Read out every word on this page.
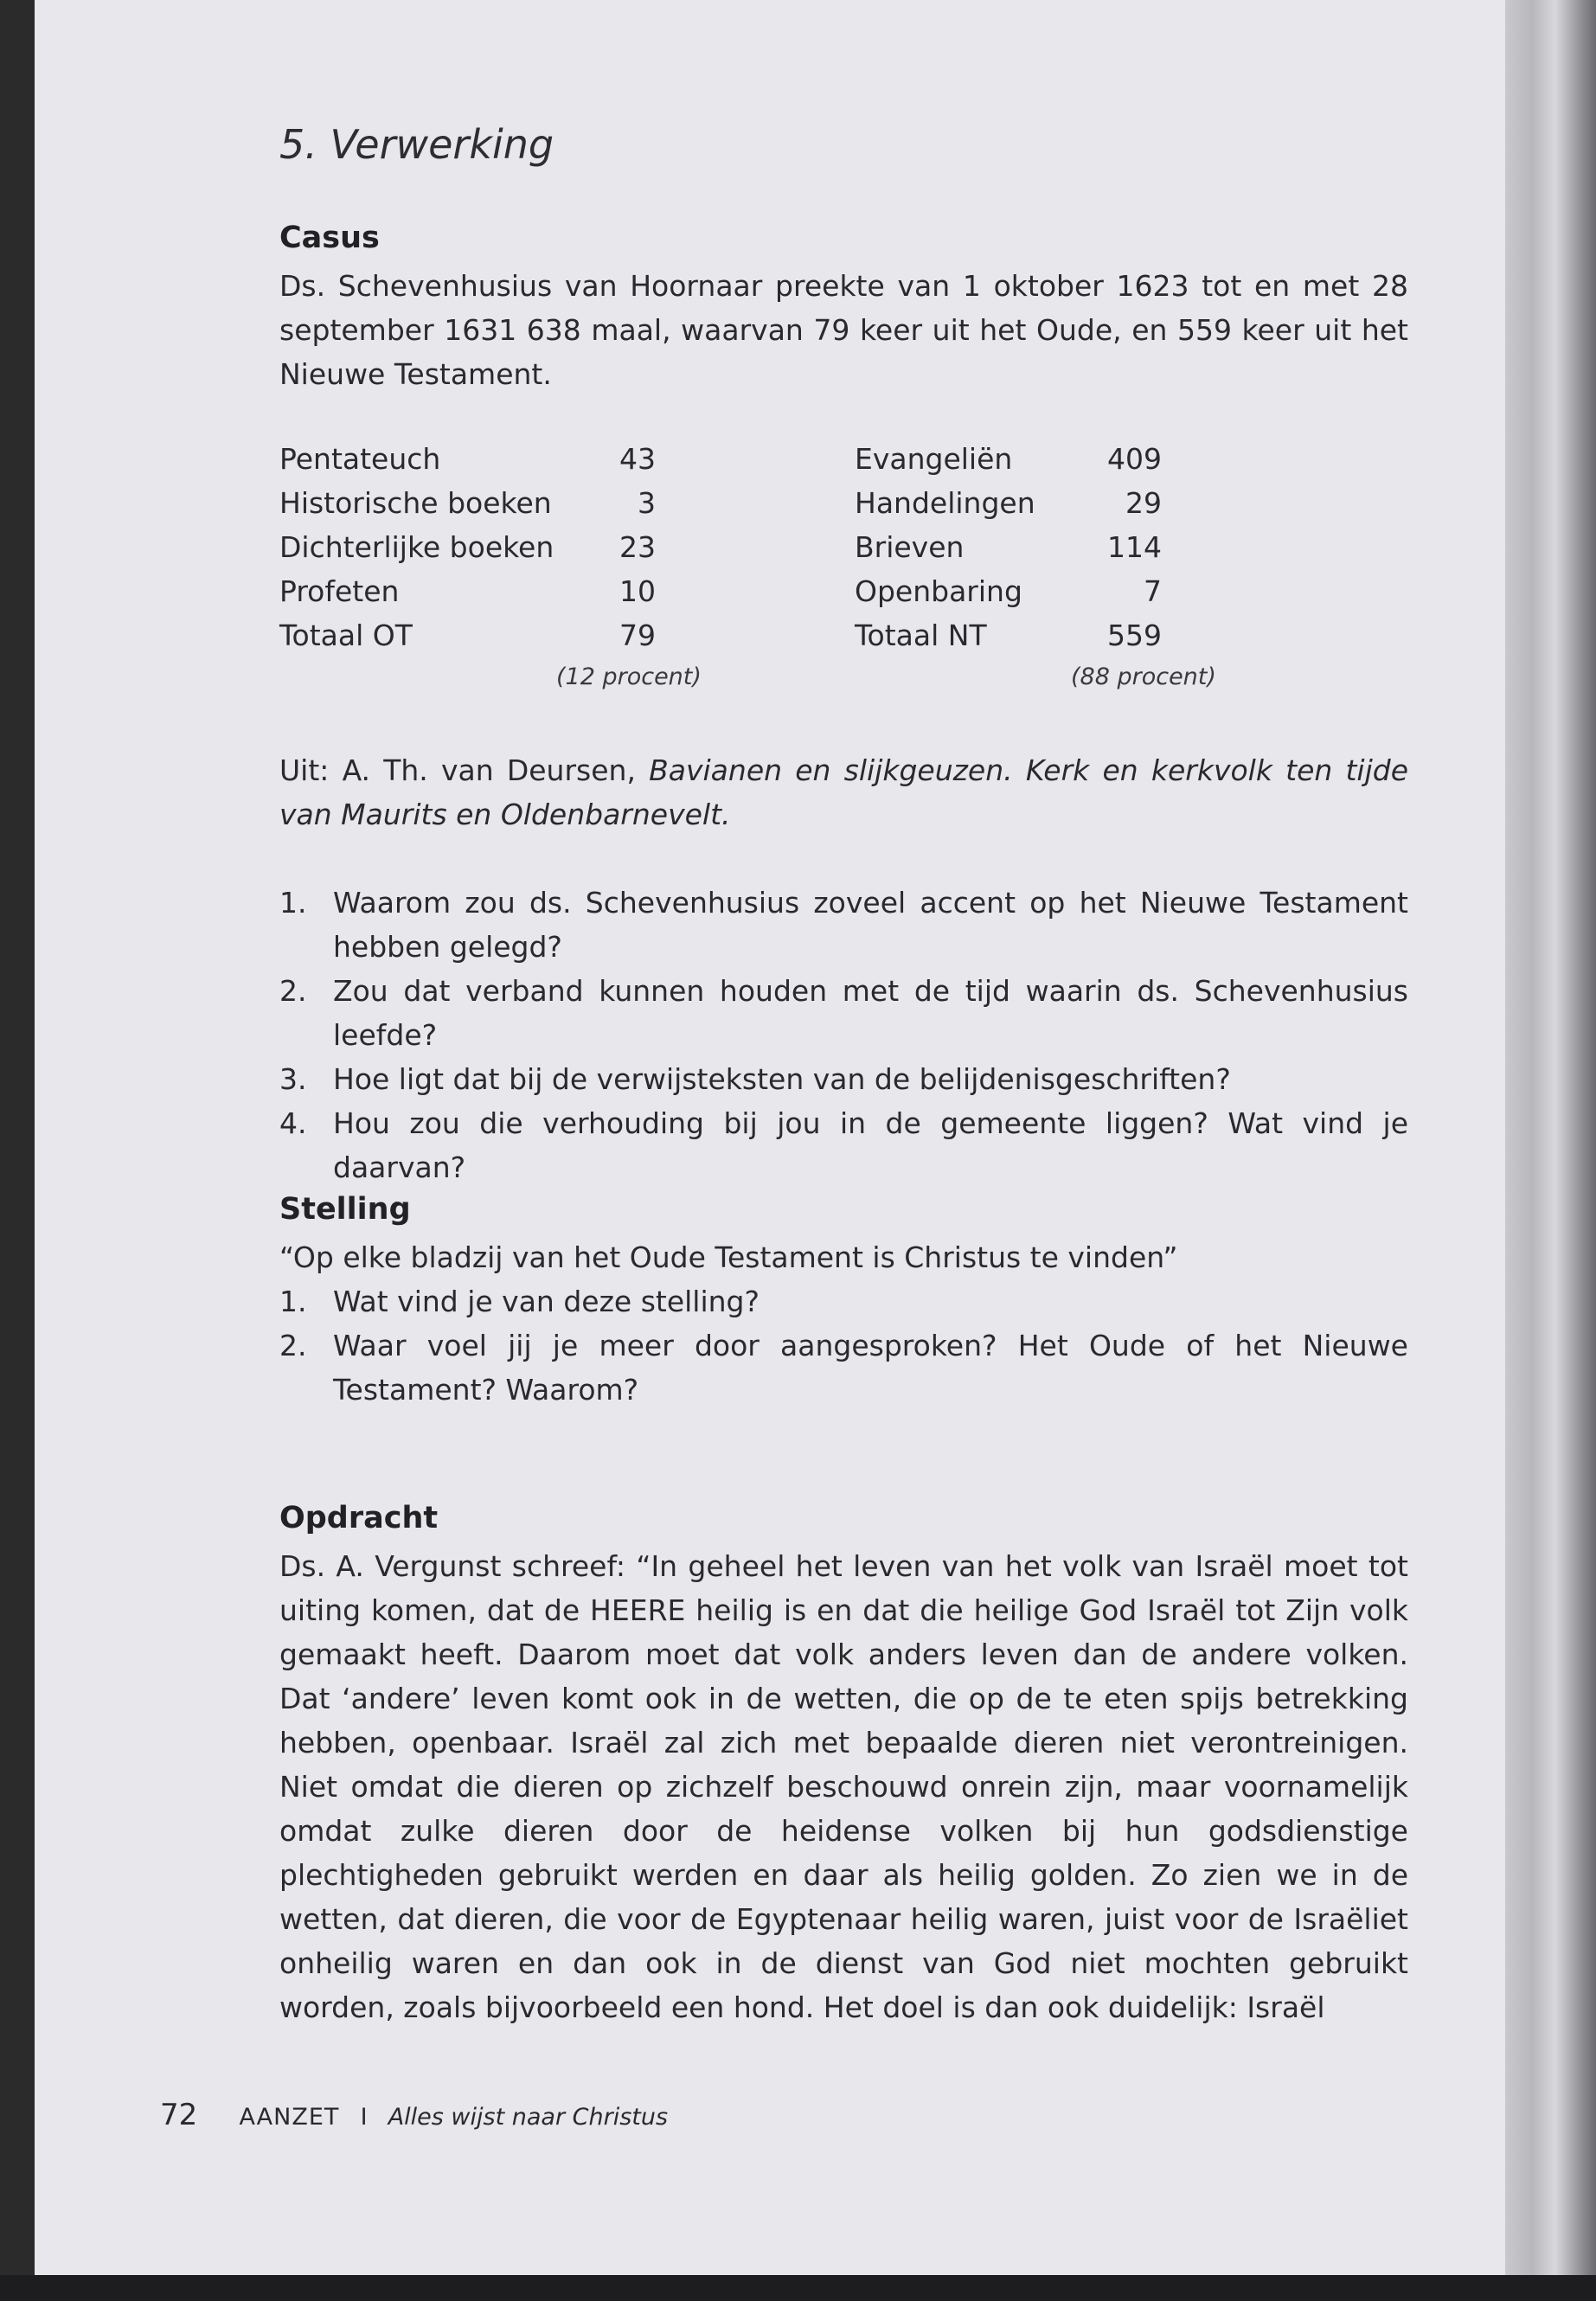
5. Verwerking
Casus

Ds. Schevenhusius van Hoornaar preekte van 1 oktober 1623 tot en met 28 september 1631 638 maal, waarvan 79 keer uit het Oude, en 559 keer uit het Nieuwe Testament.

Pentateuch	43
Historische boeken	3
Dichterlijke boeken	23
Profeten	10
Totaal OT	79
(12 procent)
Evangeliën	409
Handelingen	29
Brieven	114
Openbaring	7
Totaal NT	559
(88 procent)

Uit: A. Th. van Deursen, Bavianen en slijkgeuzen. Kerk en kerkvolk ten tijde van Maurits en Oldenbarnevelt.

1. Waarom zou ds. Schevenhusius zoveel accent op het Nieuwe Testament hebben gelegd?
2. Zou dat verband kunnen houden met de tijd waarin ds. Schevenhusius leefde?
3. Hoe ligt dat bij de verwijsteksten van de belijdenisgeschriften?
4. Hou zou die verhouding bij jou in de gemeente liggen? Wat vind je daarvan?
Stelling

“Op elke bladzij van het Oude Testament is Christus te vinden”

1. Wat vind je van deze stelling?
2. Waar voel jij je meer door aangesproken? Het Oude of het Nieuwe Testament? Waarom?
Opdracht

Ds. A. Vergunst schreef: “In geheel het leven van het volk van Israël moet tot uiting komen, dat de HEERE heilig is en dat die heilige God Israël tot Zijn volk gemaakt heeft. Daarom moet dat volk anders leven dan de andere volken. Dat ‘andere’ leven komt ook in de wetten, die op de te eten spijs betrekking hebben, openbaar. Israël zal zich met bepaalde dieren niet verontreinigen. Niet omdat die dieren op zichzelf beschouwd onrein zijn, maar voornamelijk omdat zulke dieren door de heidense volken bij hun godsdienstige plechtigheden gebruikt werden en daar als heilig golden. Zo zien we in de wetten, dat dieren, die voor de Egyptenaar heilig waren, juist voor de Israëliet onheilig waren en dan ook in de dienst van God niet mochten gebruikt worden, zoals bijvoorbeeld een hond. Het doel is dan ook duidelijk: Israël

72 AANZET I Alles wijst naar Christus
